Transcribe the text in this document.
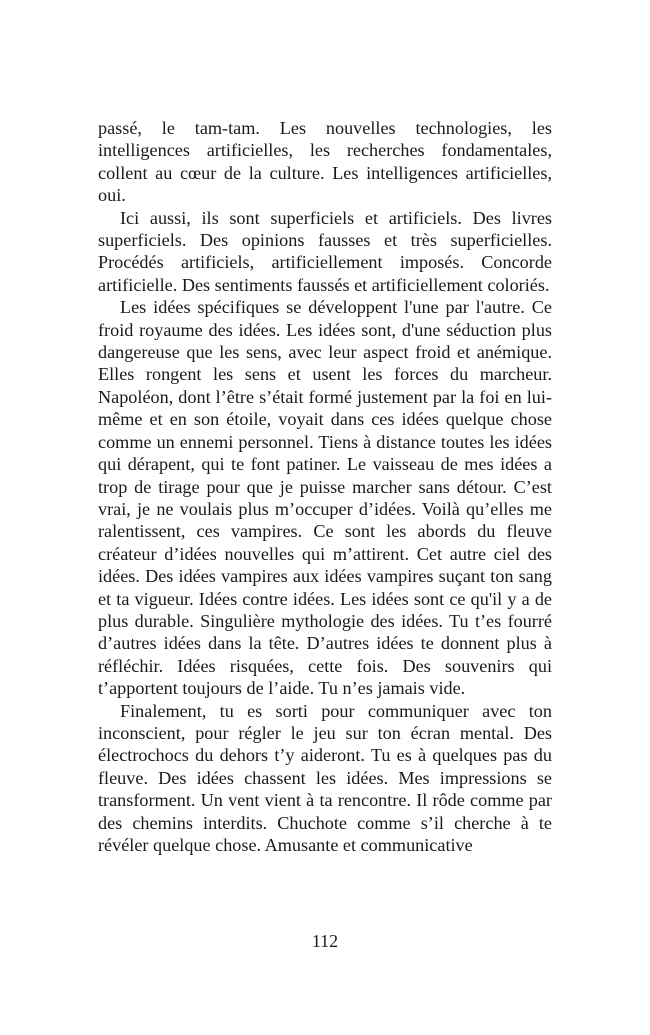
passé, le tam-tam. Les nouvelles technologies, les intelligences artificielles, les recherches fondamentales, collent au cœur de la culture. Les intelligences artificielles, oui.

Ici aussi, ils sont superficiels et artificiels. Des livres superficiels. Des opinions fausses et très superficielles. Procédés artificiels, artificiellement imposés. Concorde artificielle. Des sentiments faussés et artificiellement coloriés.

Les idées spécifiques se développent l'une par l'autre. Ce froid royaume des idées. Les idées sont, d'une séduction plus dangereuse que les sens, avec leur aspect froid et anémique. Elles rongent les sens et usent les forces du marcheur. Napoléon, dont l’être s’était formé justement par la foi en lui-même et en son étoile, voyait dans ces idées quelque chose comme un ennemi personnel. Tiens à distance toutes les idées qui dérapent, qui te font patiner. Le vaisseau de mes idées a trop de tirage pour que je puisse marcher sans détour. C’est vrai, je ne voulais plus m’occuper d’idées. Voilà qu’elles me ralentissent, ces vampires. Ce sont les abords du fleuve créateur d’idées nouvelles qui m’attirent. Cet autre ciel des idées. Des idées vampires aux idées vampires suçant ton sang et ta vigueur. Idées contre idées. Les idées sont ce qu'il y a de plus durable. Singulière mythologie des idées. Tu t’es fourré d’autres idées dans la tête. D’autres idées te donnent plus à réfléchir. Idées risquées, cette fois. Des souvenirs qui t’apportent toujours de l’aide. Tu n’es jamais vide.

Finalement, tu es sorti pour communiquer avec ton inconscient, pour régler le jeu sur ton écran mental. Des électrochocs du dehors t’y aideront. Tu es à quelques pas du fleuve. Des idées chassent les idées. Mes impressions se transforment. Un vent vient à ta rencontre. Il rôde comme par des chemins interdits. Chuchote comme s’il cherche à te révéler quelque chose. Amusante et communicative

112
